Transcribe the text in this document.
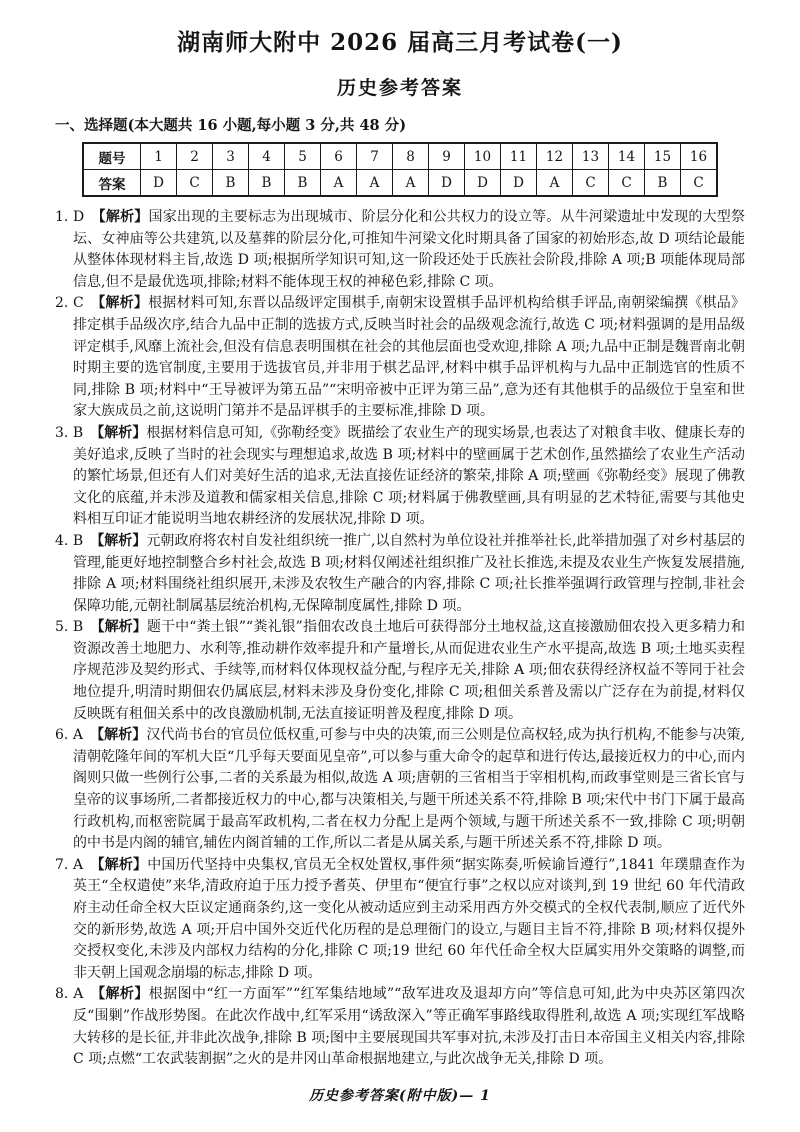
湖南师大附中 2026 届高三月考试卷(一)
历史参考答案
一、选择题(本大题共 16 小题,每小题 3 分,共 48 分)
题号	1	2	3	4	5	6	7	8	9	10	11	12	13	14	15	16
答案	D	C	B	B	B	A	A	A	D	D	D	A	C	C	B	C
1. D　【解析】国家出现的主要标志为出现城市、阶层分化和公共权力的设立等。从牛河梁遗址中发现的大型祭坛、女神庙等公共建筑,以及墓葬的阶层分化,可推知牛河梁文化时期具备了国家的初始形态,故 D 项结论最能从整体体现材料主旨,故选 D 项;根据所学知识可知,这一阶段还处于氏族社会阶段,排除 A 项;B 项能体现局部信息,但不是最优选项,排除;材料不能体现王权的神秘色彩,排除 C 项。
2. C　【解析】根据材料可知,东晋以品级评定围棋手,南朝宋设置棋手品评机构给棋手评品,南朝梁编撰《棋品》排定棋手品级次序,结合九品中正制的选拔方式,反映当时社会的品级观念流行,故选 C 项;材料强调的是用品级评定棋手,风靡上流社会,但没有信息表明围棋在社会的其他层面也受欢迎,排除 A 项;九品中正制是魏晋南北朝时期主要的选官制度,主要用于选拔官员,并非用于棋艺品评,材料中棋手品评机构与九品中正制选官的性质不同,排除 B 项;材料中“王导被评为第五品”“宋明帝被中正评为第三品”,意为还有其他棋手的品级位于皇室和世家大族成员之前,这说明门第并不是品评棋手的主要标准,排除 D 项。
3. B　【解析】根据材料信息可知,《弥勒经变》既描绘了农业生产的现实场景,也表达了对粮食丰收、健康长寿的美好追求,反映了当时的社会现实与理想追求,故选 B 项;材料中的壁画属于艺术创作,虽然描绘了农业生产活动的繁忙场景,但还有人们对美好生活的追求,无法直接佐证经济的繁荣,排除 A 项;壁画《弥勒经变》展现了佛教文化的底蕴,并未涉及道教和儒家相关信息,排除 C 项;材料属于佛教壁画,具有明显的艺术特征,需要与其他史料相互印证才能说明当地农耕经济的发展状况,排除 D 项。
4. B　【解析】元朝政府将农村自发社组织统一推广,以自然村为单位设社并推举社长,此举措加强了对乡村基层的管理,能更好地控制整合乡村社会,故选 B 项;材料仅阐述社组织推广及社长推选,未提及农业生产恢复发展措施,排除 A 项;材料围绕社组织展开,未涉及农牧生产融合的内容,排除 C 项;社长推举强调行政管理与控制,非社会保障功能,元朝社制属基层统治机构,无保障制度属性,排除 D 项。
5. B　【解析】题干中“粪土银”“粪礼银”指佃农改良土地后可获得部分土地权益,这直接激励佃农投入更多精力和资源改善土地肥力、水利等,推动耕作效率提升和产量增长,从而促进农业生产水平提高,故选 B 项;土地买卖程序规范涉及契约形式、手续等,而材料仅体现权益分配,与程序无关,排除 A 项;佃农获得经济权益不等同于社会地位提升,明清时期佃农仍属底层,材料未涉及身份变化,排除 C 项;租佃关系普及需以广泛存在为前提,材料仅反映既有租佃关系中的改良激励机制,无法直接证明普及程度,排除 D 项。
6. A　【解析】汉代尚书台的官员位低权重,可参与中央的决策,而三公则是位高权轻,成为执行机构,不能参与决策,清朝乾隆年间的军机大臣“几乎每天要面见皇帝”,可以参与重大命令的起草和进行传达,最接近权力的中心,而内阁则只做一些例行公事,二者的关系最为相似,故选 A 项;唐朝的三省相当于宰相机构,而政事堂则是三省长官与皇帝的议事场所,二者都接近权力的中心,都与决策相关,与题干所述关系不符,排除 B 项;宋代中书门下属于最高行政机构,而枢密院属于最高军政机构,二者在权力分配上是两个领域,与题干所述关系不一致,排除 C 项;明朝的中书是内阁的辅官,辅佐内阁首辅的工作,所以二者是从属关系,与题干所述关系不符,排除 D 项。
7. A　【解析】中国历代坚持中央集权,官员无全权处置权,事件须“据实陈奏,听候谕旨遵行”,1841 年璞鼎查作为英王“全权遣使”来华,清政府迫于压力授予耆英、伊里布“便宜行事”之权以应对谈判,到 19 世纪 60 年代清政府主动任命全权大臣议定通商条约,这一变化从被动适应到主动采用西方外交模式的全权代表制,顺应了近代外交的新形势,故选 A 项;开启中国外交近代化历程的是总理衙门的设立,与题目主旨不符,排除 B 项;材料仅提外交授权变化,未涉及内部权力结构的分化,排除 C 项;19 世纪 60 年代任命全权大臣属实用外交策略的调整,而非天朝上国观念崩塌的标志,排除 D 项。
8. A　【解析】根据图中“红一方面军”“红军集结地域”“敌军进攻及退却方向”等信息可知,此为中央苏区第四次反“围剿”作战形势图。在此次作战中,红军采用“诱敌深入”等正确军事路线取得胜利,故选 A 项;实现红军战略大转移的是长征,并非此次战争,排除 B 项;图中主要展现国共军事对抗,未涉及打击日本帝国主义相关内容,排除 C 项;点燃“工农武装割据”之火的是井冈山革命根据地建立,与此次战争无关,排除 D 项。
历史参考答案(附中版)— 1
